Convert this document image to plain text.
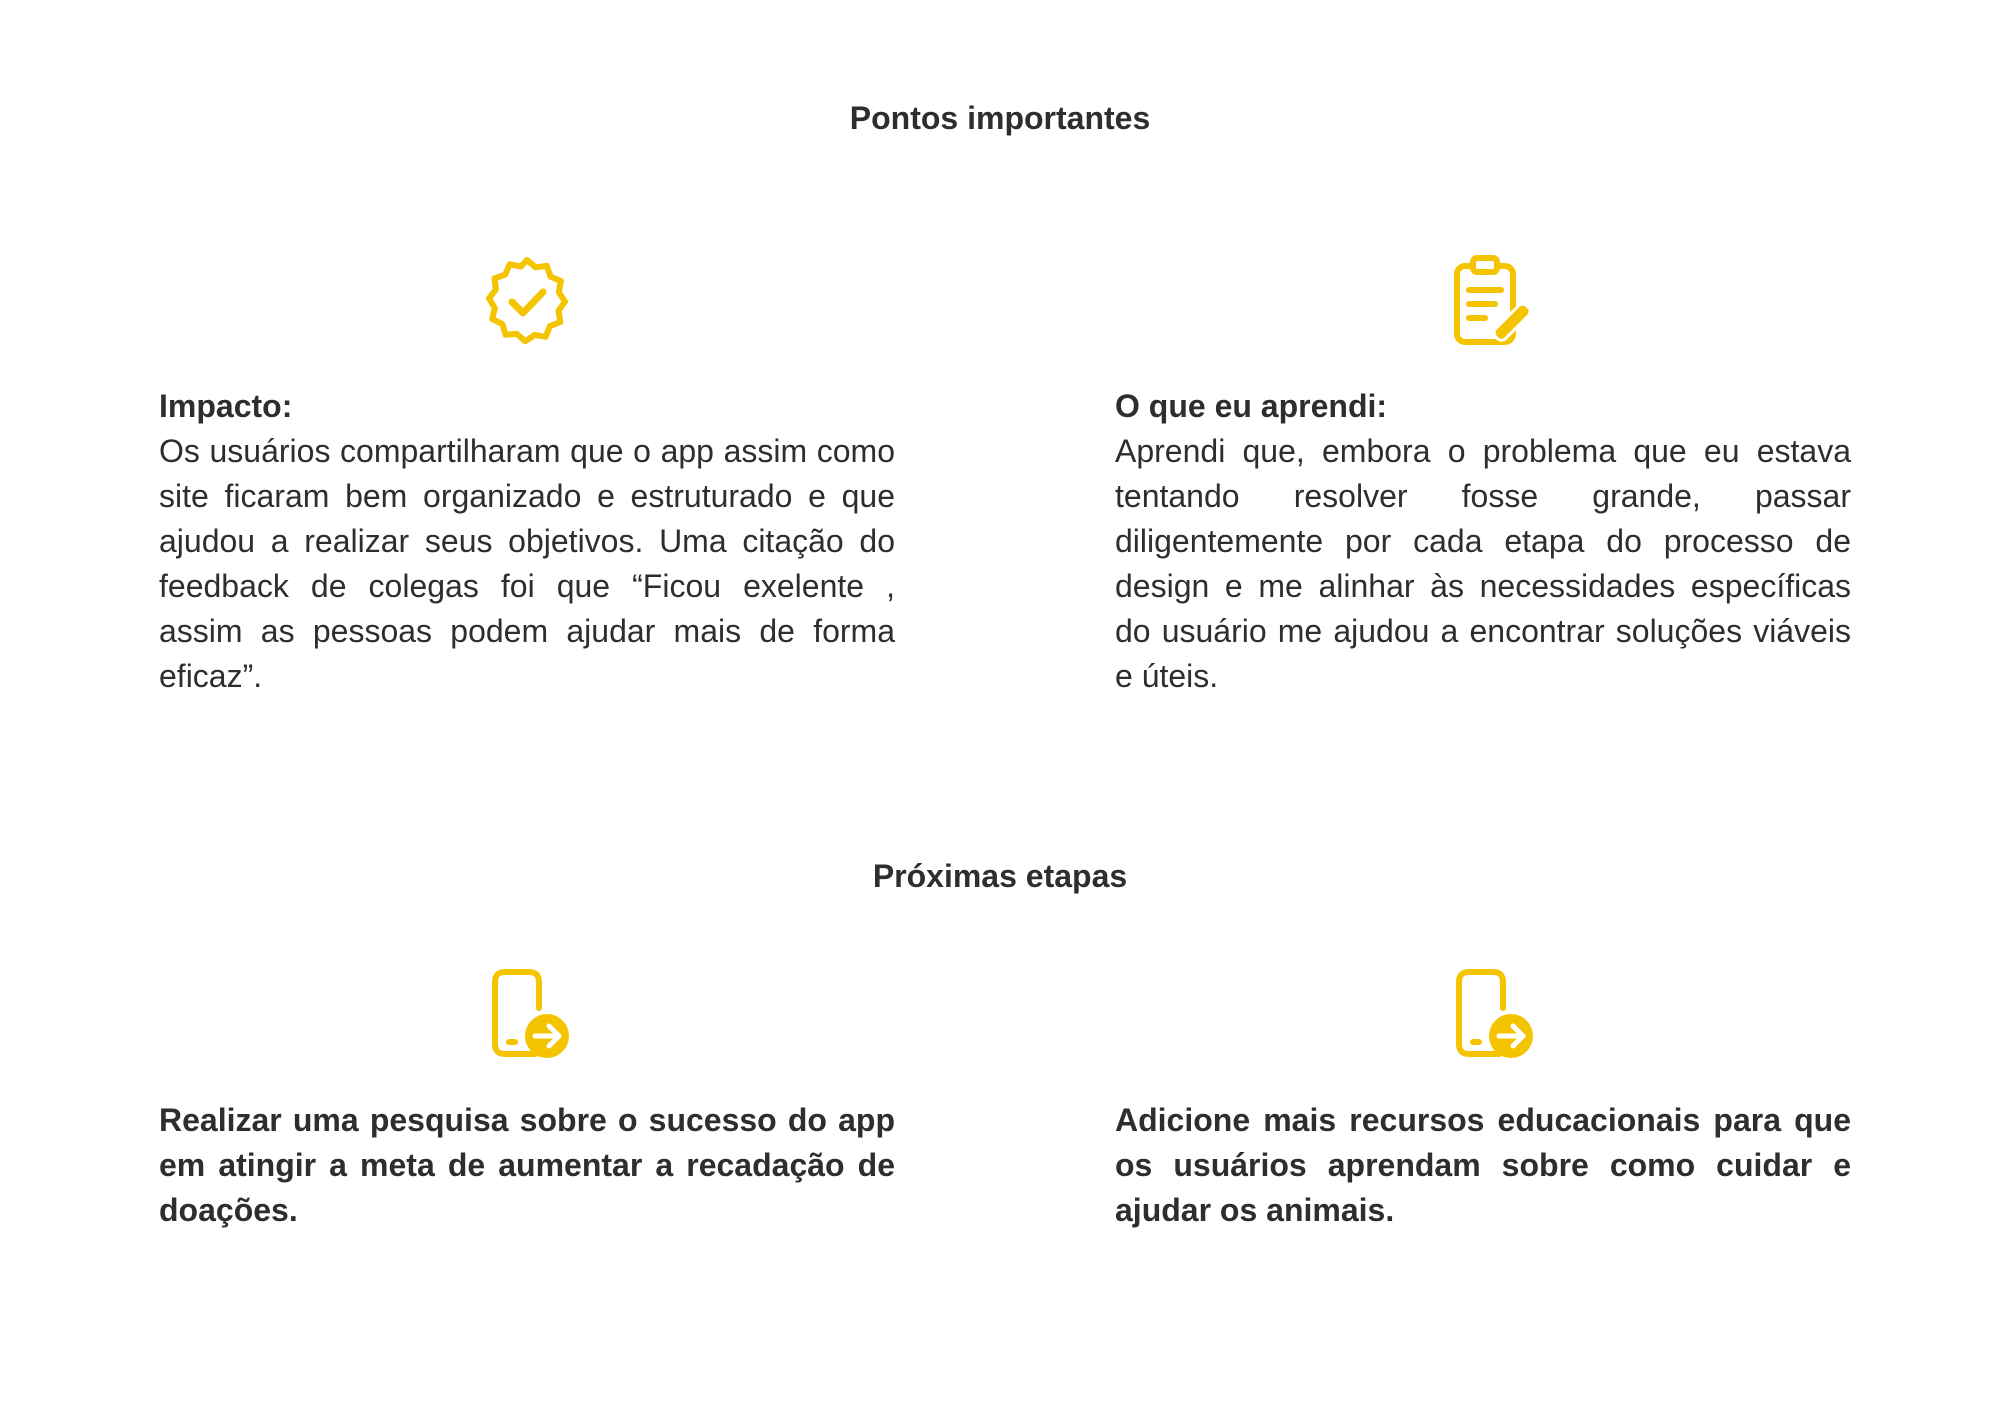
Pontos importantes
Impacto:
Os usuários compartilharam que o app assim como site ficaram bem organizado e estruturado e que ajudou a realizar seus objetivos. Uma citação do feedback de colegas foi que “Ficou exelente , assim as pessoas podem ajudar mais de forma eficaz”.
O que eu aprendi:
Aprendi que, embora o problema que eu estava tentando resolver fosse grande, passar diligentemente por cada etapa do processo de design e me alinhar às necessidades específicas do usuário me ajudou a encontrar soluções viáveis e úteis.
Próximas etapas
Realizar uma pesquisa sobre o sucesso do app em atingir a meta de aumentar a recadação de doações.
Adicione mais recursos educacionais para que os usuários aprendam sobre como cuidar e ajudar os animais.
